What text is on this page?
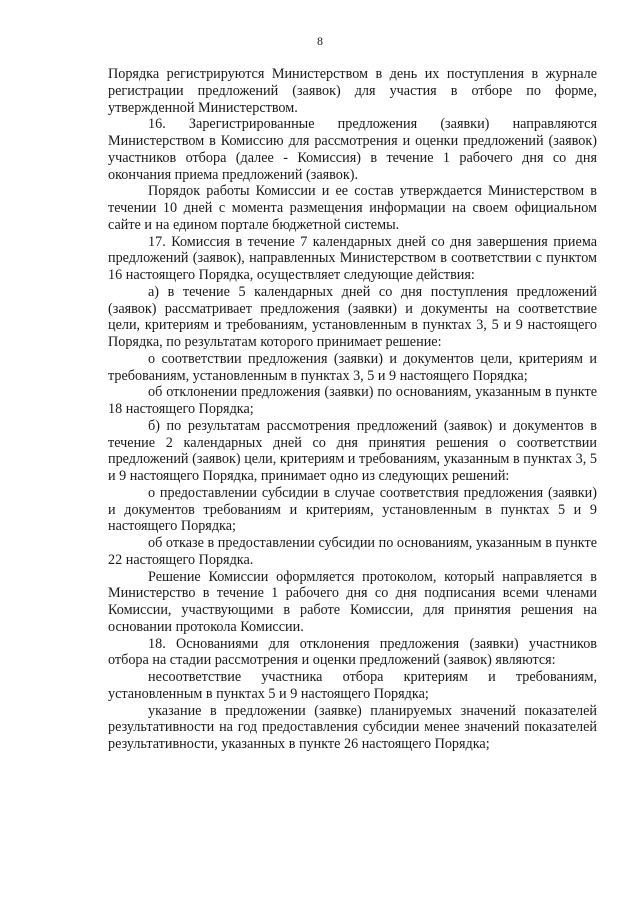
8

Порядка регистрируются Министерством в день их поступления в журнале регистрации предложений (заявок) для участия в отборе по форме, утвержденной Министерством.

16. Зарегистрированные предложения (заявки) направляются Министерством в Комиссию для рассмотрения и оценки предложений (заявок) участников отбора (далее - Комиссия) в течение 1 рабочего дня со дня окончания приема предложений (заявок).

Порядок работы Комиссии и ее состав утверждается Министерством в течении 10 дней с момента размещения информации на своем официальном сайте и на едином портале бюджетной системы.

17. Комиссия в течение 7 календарных дней со дня завершения приема предложений (заявок), направленных Министерством в соответствии с пунктом 16 настоящего Порядка, осуществляет следующие действия:

а) в течение 5 календарных дней со дня поступления предложений (заявок) рассматривает предложения (заявки) и документы на соответствие цели, критериям и требованиям, установленным в пунктах 3, 5 и 9 настоящего Порядка, по результатам которого принимает решение:

о соответствии предложения (заявки) и документов цели, критериям и требованиям, установленным в пунктах 3, 5 и 9 настоящего Порядка;

об отклонении предложения (заявки) по основаниям, указанным в пункте 18 настоящего Порядка;

б) по результатам рассмотрения предложений (заявок) и документов в течение 2 календарных дней со дня принятия решения о соответствии предложений (заявок) цели, критериям и требованиям, указанным в пунктах 3, 5 и 9 настоящего Порядка, принимает одно из следующих решений:

о предоставлении субсидии в случае соответствия предложения (заявки) и документов требованиям и критериям, установленным в пунктах 5 и 9 настоящего Порядка;

об отказе в предоставлении субсидии по основаниям, указанным в пункте 22 настоящего Порядка.

Решение Комиссии оформляется протоколом, который направляется в Министерство в течение 1 рабочего дня со дня подписания всеми членами Комиссии, участвующими в работе Комиссии, для принятия решения на основании протокола Комиссии.

18. Основаниями для отклонения предложения (заявки) участников отбора на стадии рассмотрения и оценки предложений (заявок) являются:

несоответствие участника отбора критериям и требованиям, установленным в пунктах 5 и 9 настоящего Порядка;

указание в предложении (заявке) планируемых значений показателей результативности на год предоставления субсидии менее значений показателей результативности, указанных в пункте 26 настоящего Порядка;
